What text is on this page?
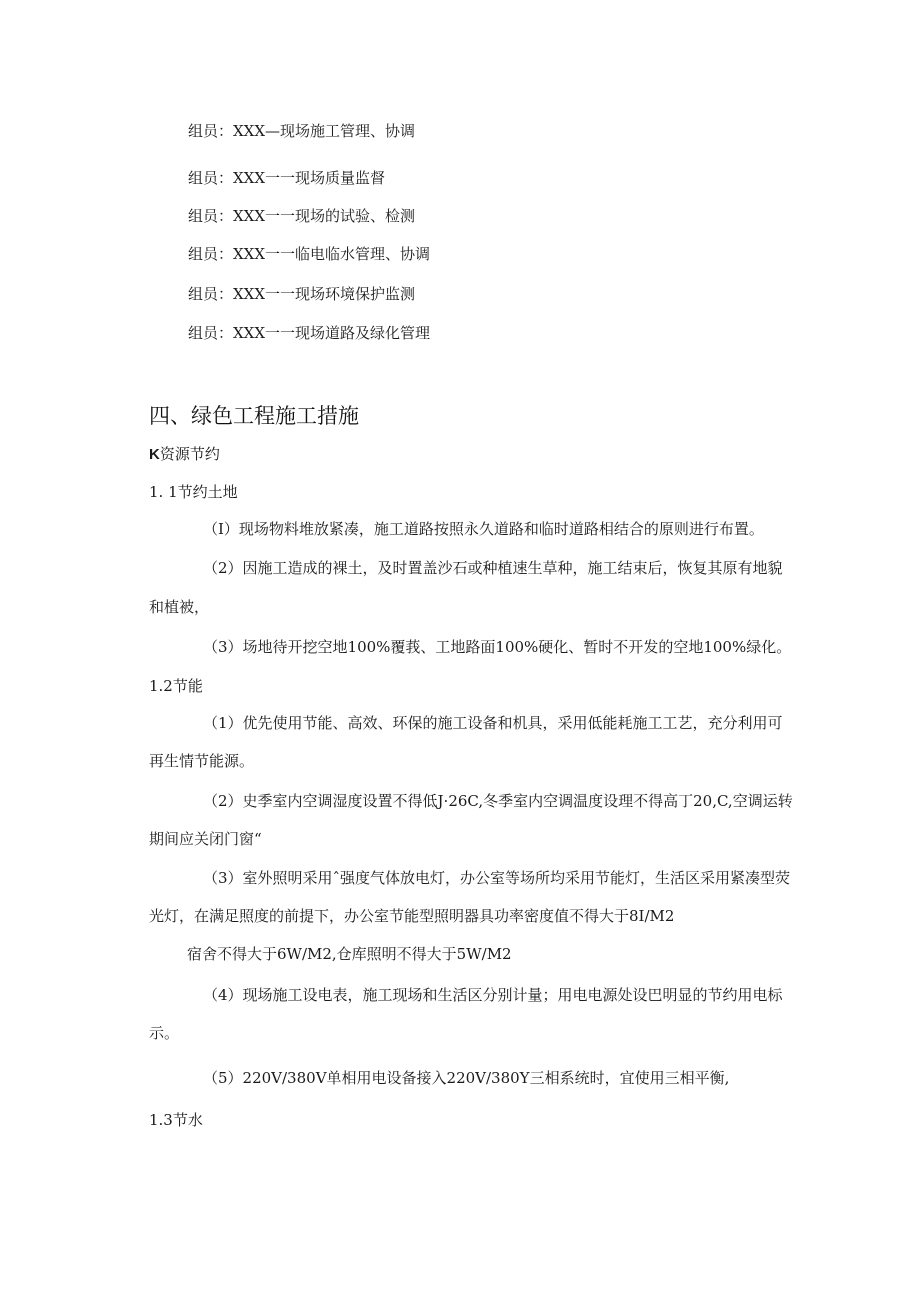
组员：XXX—现场施工管理、协调
组员：XXX一一现场质量监督
组员：XXX一一现场的试验、检测
组员：XXX一一临电临水管理、协调
组员：XXX一一现场环境保护监测
组员：XXX一一现场道路及绿化管理
四、绿色工程施工措施
K资源节约
1. 1节约土地
（I）现场物料堆放紧凑，施工道路按照永久道路和临时道路相结合的原则进行布置。
（2）因施工造成的裸土，及时置盖沙石或种植速生草种，施工结束后，恢复其原有地貌
和植被，
（3）场地待开挖空地100%覆莪、工地路面100%硬化、暂时不开发的空地100%绿化。
1.2节能
（1）优先使用节能、高效、环保的施工设备和机具，采用低能耗施工工艺，充分利用可
再生情节能源。
（2）史季室内空调湿度设置不得低J·26C,冬季室内空调温度设理不得高丁20,C,空调运转
期间应关闭门窗“
（3）室外照明采用ˆ强度气体放电灯，办公室等场所均采用节能灯，生活区采用紧凑型荧
光灯，在满足照度的前提下，办公室节能型照明器具功率密度值不得大于8I/M2
宿舍不得大于6W/M2,仓库照明不得大于5W/M2
（4）现场施工设电表，施工现场和生活区分别计量；用电电源处设巴明显的节约用电标
示。
（5）220V/380V单相用电设备接入220V/380Y三相系统时，宜使用三相平衡,
1.3节水
